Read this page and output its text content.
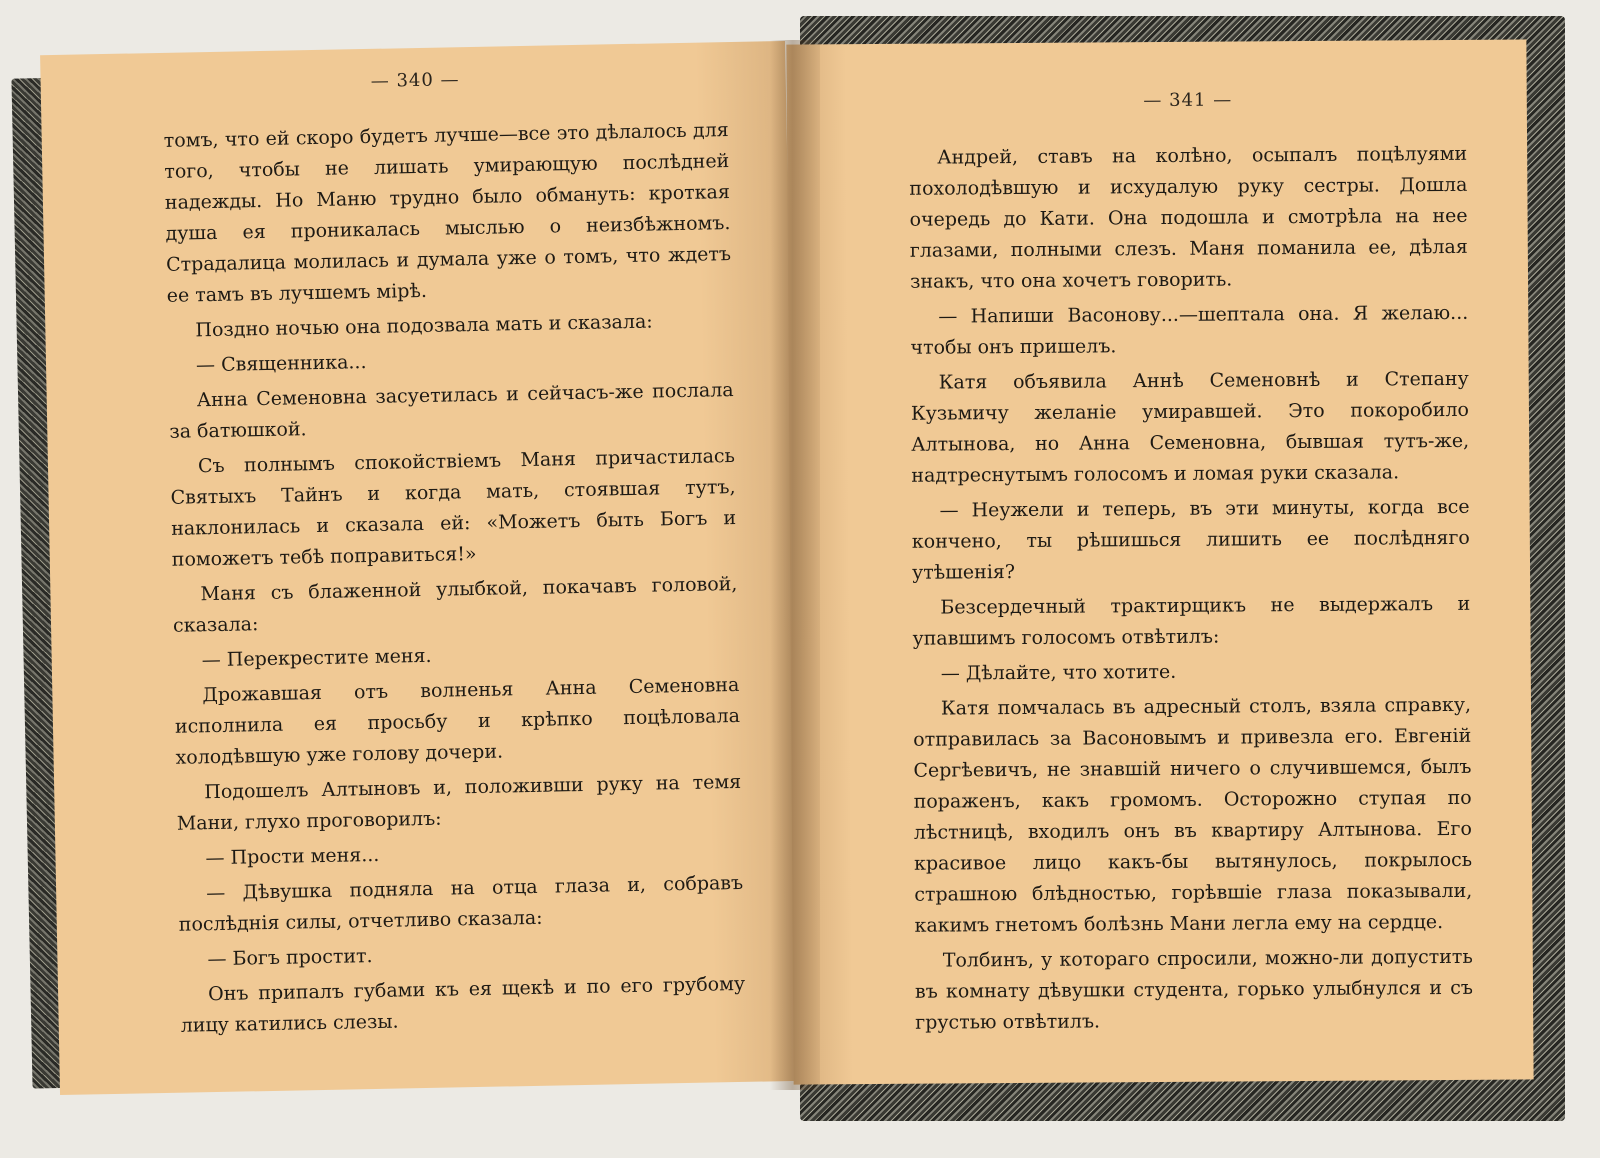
— 340 —

томъ, что ей скоро будетъ лучше—все это дѣлалось для того, чтобы не лишать умирающую послѣдней надежды. Но Маню трудно было обмануть: кроткая душа ея проникалась мыслью о неизбѣжномъ. Страдалица молилась и думала уже о томъ, что ждетъ ее тамъ въ лучшемъ мірѣ.

Поздно ночью она подозвала мать и сказала:

— Священника...

Анна Семеновна засуетилась и сейчасъ-же послала за батюшкой.

Съ полнымъ спокойствіемъ Маня причастилась Святыхъ Тайнъ и когда мать, стоявшая тутъ, наклонилась и сказала ей: «Можетъ быть Богъ и поможетъ тебѣ поправиться!»

Маня съ блаженной улыбкой, покачавъ головой, сказала:

— Перекрестите меня.

Дрожавшая отъ волненья Анна Семеновна исполнила ея просьбу и крѣпко поцѣловала холодѣвшую уже голову дочери.

Подошелъ Алтыновъ и, положивши руку на темя Мани, глухо проговорилъ:

— Прости меня...

— Дѣвушка подняла на отца глаза и, собравъ послѣднія силы, отчетливо сказала:

— Богъ простит.

Онъ припалъ губами къ ея щекѣ и по его грубому лицу катились слезы.

— 341 —

Андрей, ставъ на колѣно, осыпалъ поцѣлуями похолодѣвшую и исхудалую руку сестры. Дошла очередь до Кати. Она подошла и смотрѣла на нее глазами, полными слезъ. Маня поманила ее, дѣлая знакъ, что она хочетъ говорить.

— Напиши Васонову...—шептала она. Я желаю... чтобы онъ пришелъ.

Катя объявила Аннѣ Семеновнѣ и Степану Кузьмичу желаніе умиравшей. Это покоробило Алтынова, но Анна Семеновна, бывшая тутъ-же, надтреснутымъ голосомъ и ломая руки сказала.

— Неужели и теперь, въ эти минуты, когда все кончено, ты рѣшишься лишить ее послѣдняго утѣшенія?

Безсердечный трактирщикъ не выдержалъ и упавшимъ голосомъ отвѣтилъ:

— Дѣлайте, что хотите.

Катя помчалась въ адресный столъ, взяла справку, отправилась за Васоновымъ и привезла его. Евгеній Сергѣевичъ, не знавшій ничего о случившемся, былъ пораженъ, какъ громомъ. Осторожно ступая по лѣстницѣ, входилъ онъ въ квартиру Алтынова. Его красивое лицо какъ-бы вытянулось, покрылось страшною блѣдностью, горѣвшіе глаза показывали, какимъ гнетомъ болѣзнь Мани легла ему на сердце.

Толбинъ, у котораго спросили, можно-ли допустить въ комнату дѣвушки студента, горько улыбнулся и съ грустью отвѣтилъ.
